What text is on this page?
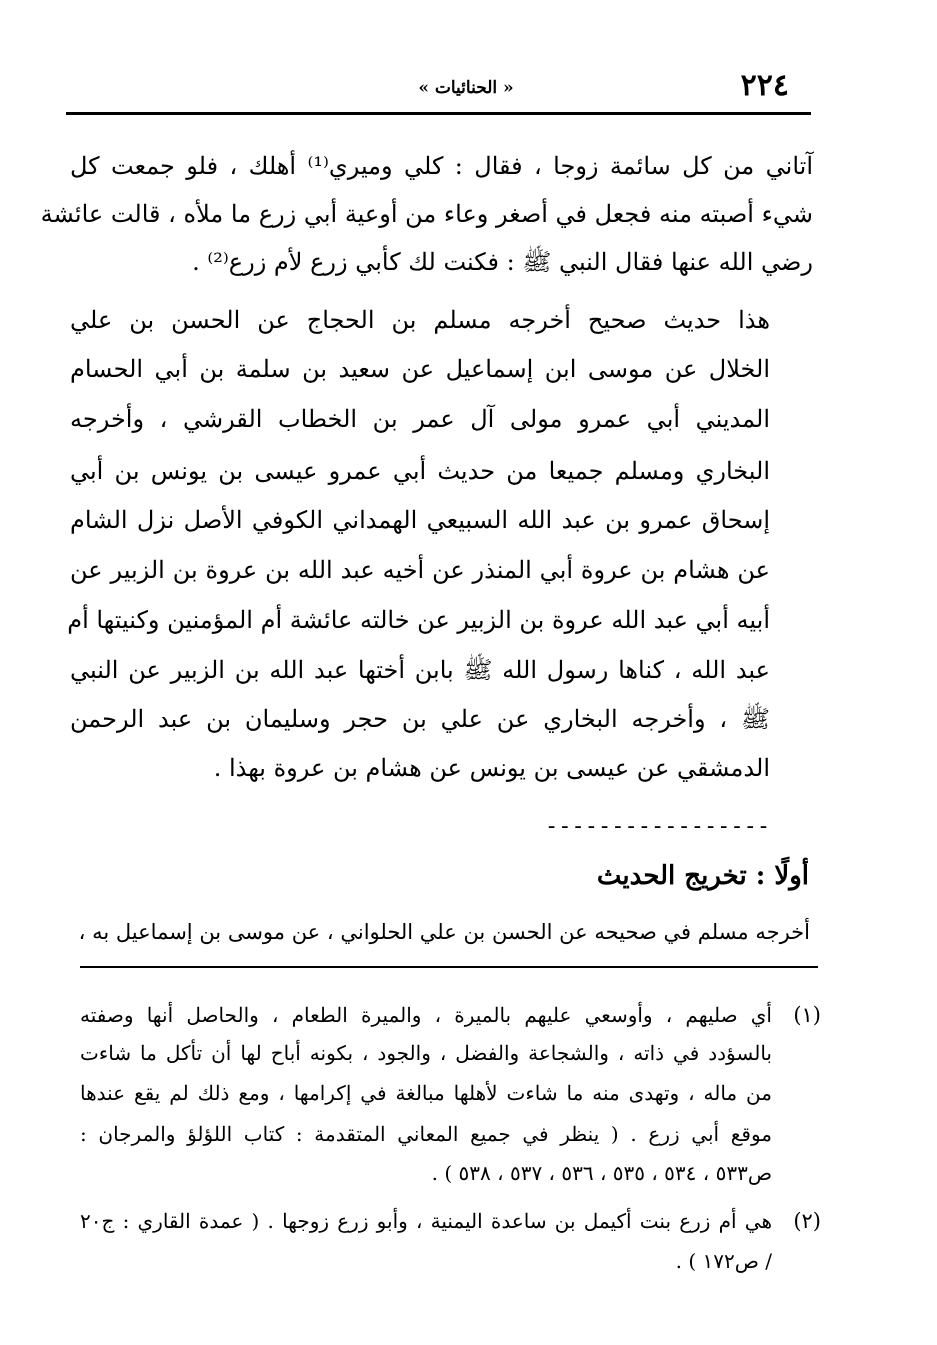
٢٢٤
« الحنائيات »
آتاني من كل سائمة زوجا ، فقال : كلي وميري⁽¹⁾ أهلك ، فلو جمعت كل
شيء أصبته منه فجعل في أصغر وعاء من أوعية أبي زرع ما ملأه ، قالت عائشة
رضي الله عنها فقال النبي ﷺ : فكنت لك كأبي زرع لأم زرع⁽²⁾ .
هذا حديث صحيح أخرجه مسلم بن الحجاج عن الحسن بن علي
الخلال عن موسى ابن إسماعيل عن سعيد بن سلمة بن أبي الحسام
المديني أبي عمرو مولى آل عمر بن الخطاب القرشي ، وأخرجه
البخاري ومسلم جميعا من حديث أبي عمرو عيسى بن يونس بن أبي
إسحاق عمرو بن عبد الله السبيعي الهمداني الكوفي الأصل نزل الشام
عن هشام بن عروة أبي المنذر عن أخيه عبد الله بن عروة بن الزبير عن
أبيه أبي عبد الله عروة بن الزبير عن خالته عائشة أم المؤمنين وكنيتها أم
عبد الله ، كناها رسول الله ﷺ بابن أختها عبد الله بن الزبير عن النبي
ﷺ ، وأخرجه البخاري عن علي بن حجر وسليمان بن عبد الرحمن
الدمشقي عن عيسى بن يونس عن هشام بن عروة بهذا .
-----------------
أولًا : تخريج الحديث
أخرجه مسلم في صحيحه عن الحسن بن علي الحلواني ، عن موسى بن إسماعيل به ،
(١)
أي صليهم ، وأوسعي عليهم بالميرة ، والميرة الطعام ، والحاصل أنها وصفته
بالسؤدد في ذاته ، والشجاعة والفضل ، والجود ، بكونه أباح لها أن تأكل ما شاءت
من ماله ، وتهدى منه ما شاءت لأهلها مبالغة في إكرامها ، ومع ذلك لم يقع عندها
موقع أبي زرع . ( ينظر في جميع المعاني المتقدمة : كتاب اللؤلؤ والمرجان :
ص٥٣٣ ، ٥٣٤ ، ٥٣٥ ، ٥٣٦ ، ٥٣٧ ، ٥٣٨ ) .
(٢)
هي أم زرع بنت أكيمل بن ساعدة اليمنية ، وأبو زرع زوجها . ( عمدة القاري : ج٢٠
/ ص١٧٢ ) .
